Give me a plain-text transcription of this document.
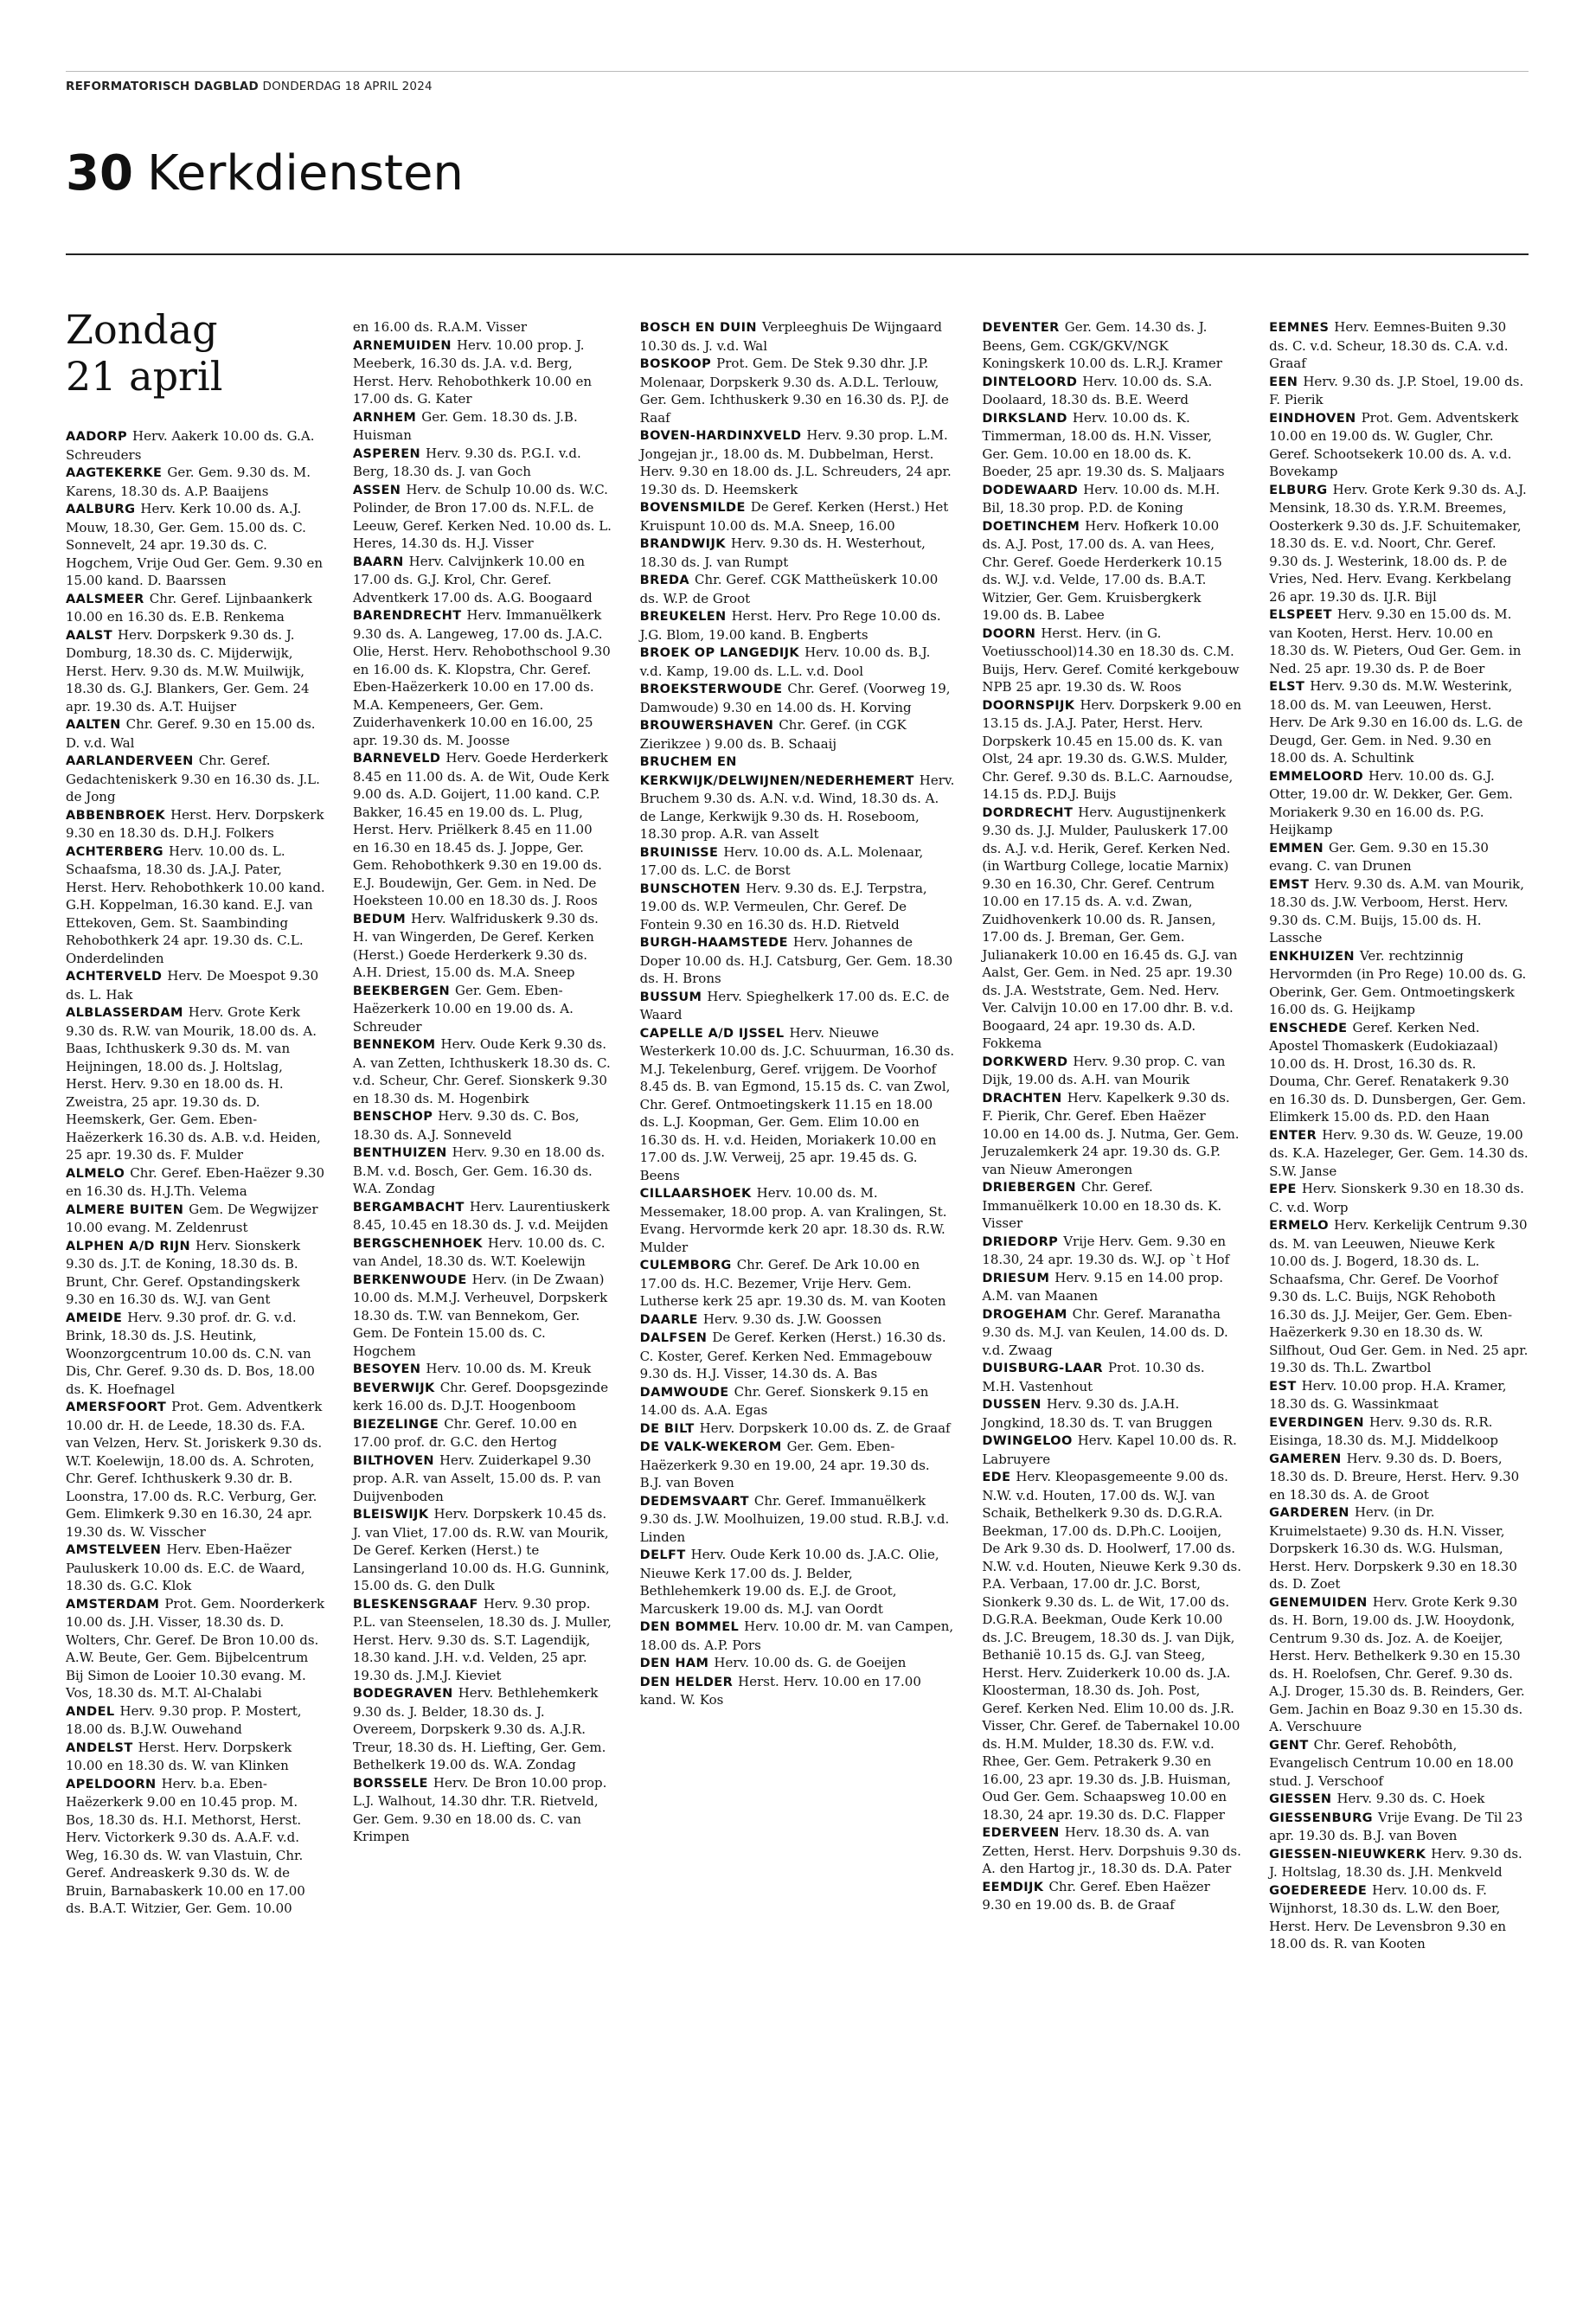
REFORMATORISCH DAGBLAD DONDERDAG 18 APRIL 2024
30 Kerkdiensten
Zondag
21 april

AADORP Herv. Aakerk 10.00 ds. G.A. Schreuders

AAGTEKERKE Ger. Gem. 9.30 ds. M. Karens, 18.30 ds. A.P. Baaijens

AALBURG Herv. Kerk 10.00 ds. A.J. Mouw, 18.30, Ger. Gem. 15.00 ds. C. Sonnevelt, 24 apr. 19.30 ds. C. Hogchem, Vrije Oud Ger. Gem. 9.30 en 15.00 kand. D. Baarssen

AALSMEER Chr. Geref. Lijnbaankerk 10.00 en 16.30 ds. E.B. Renkema

AALST Herv. Dorpskerk 9.30 ds. J. Domburg, 18.30 ds. C. Mijderwijk, Herst. Herv. 9.30 ds. M.W. Muilwijk, 18.30 ds. G.J. Blankers, Ger. Gem. 24 apr. 19.30 ds. A.T. Huijser

AALTEN Chr. Geref. 9.30 en 15.00 ds. D. v.d. Wal

AARLANDERVEEN Chr. Geref. Gedachteniskerk 9.30 en 16.30 ds. J.L. de Jong

ABBENBROEK Herst. Herv. Dorpskerk 9.30 en 18.30 ds. D.H.J. Folkers

ACHTERBERG Herv. 10.00 ds. L. Schaafsma, 18.30 ds. J.A.J. Pater, Herst. Herv. Rehobothkerk 10.00 kand. G.H. Koppelman, 16.30 kand. E.J. van Ettekoven, Gem. St. Saambinding Rehobothkerk 24 apr. 19.30 ds. C.L. Onderdelinden

ACHTERVELD Herv. De Moespot 9.30 ds. L. Hak

ALBLASSERDAM Herv. Grote Kerk 9.30 ds. R.W. van Mourik, 18.00 ds. A. Baas, Ichthuskerk 9.30 ds. M. van Heijningen, 18.00 ds. J. Holtslag, Herst. Herv. 9.30 en 18.00 ds. H. Zweistra, 25 apr. 19.30 ds. D. Heemskerk, Ger. Gem. Eben-Haëzerkerk 16.30 ds. A.B. v.d. Heiden, 25 apr. 19.30 ds. F. Mulder

ALMELO Chr. Geref. Eben-Haëzer 9.30 en 16.30 ds. H.J.Th. Velema

ALMERE BUITEN Gem. De Wegwijzer 10.00 evang. M. Zeldenrust

ALPHEN A/D RIJN Herv. Sionskerk 9.30 ds. J.T. de Koning, 18.30 ds. B. Brunt, Chr. Geref. Opstandingskerk 9.30 en 16.30 ds. W.J. van Gent

AMEIDE Herv. 9.30 prof. dr. G. v.d. Brink, 18.30 ds. J.S. Heutink, Woonzorgcentrum 10.00 ds. C.N. van Dis, Chr. Geref. 9.30 ds. D. Bos, 18.00 ds. K. Hoefnagel

AMERSFOORT Prot. Gem. Adventkerk 10.00 dr. H. de Leede, 18.30 ds. F.A. van Velzen, Herv. St. Joriskerk 9.30 ds. W.T. Koelewijn, 18.00 ds. A. Schroten, Chr. Geref. Ichthuskerk 9.30 dr. B. Loonstra, 17.00 ds. R.C. Verburg, Ger. Gem. Elimkerk 9.30 en 16.30, 24 apr. 19.30 ds. W. Visscher

AMSTELVEEN Herv. Eben-Haëzer Pauluskerk 10.00 ds. E.C. de Waard, 18.30 ds. G.C. Klok

AMSTERDAM Prot. Gem. Noorderkerk 10.00 ds. J.H. Visser, 18.30 ds. D. Wolters, Chr. Geref. De Bron 10.00 ds. A.W. Beute, Ger. Gem. Bijbelcentrum Bij Simon de Looier 10.30 evang. M. Vos, 18.30 ds. M.T. Al-Chalabi

ANDEL Herv. 9.30 prop. P. Mostert, 18.00 ds. B.J.W. Ouwehand

ANDELST Herst. Herv. Dorpskerk 10.00 en 18.30 ds. W. van Klinken

APELDOORN Herv. b.a. Eben-Haëzerkerk 9.00 en 10.45 prop. M. Bos, 18.30 ds. H.I. Methorst, Herst. Herv. Victorkerk 9.30 ds. A.A.F. v.d. Weg, 16.30 ds. W. van Vlastuin, Chr. Geref. Andreaskerk 9.30 ds. W. de Bruin, Barnabaskerk 10.00 en 17.00 ds. B.A.T. Witzier, Ger. Gem. 10.00

en 16.00 ds. R.A.M. Visser

ARNEMUIDEN Herv. 10.00 prop. J. Meeberk, 16.30 ds. J.A. v.d. Berg, Herst. Herv. Rehobothkerk 10.00 en 17.00 ds. G. Kater

ARNHEM Ger. Gem. 18.30 ds. J.B. Huisman

ASPEREN Herv. 9.30 ds. P.G.I. v.d. Berg, 18.30 ds. J. van Goch

ASSEN Herv. de Schulp 10.00 ds. W.C. Polinder, de Bron 17.00 ds. N.F.L. de Leeuw, Geref. Kerken Ned. 10.00 ds. L. Heres, 14.30 ds. H.J. Visser

BAARN Herv. Calvijnkerk 10.00 en 17.00 ds. G.J. Krol, Chr. Geref. Adventkerk 17.00 ds. A.G. Boogaard

BARENDRECHT Herv. Immanuëlkerk 9.30 ds. A. Langeweg, 17.00 ds. J.A.C. Olie, Herst. Herv. Rehobothschool 9.30 en 16.00 ds. K. Klopstra, Chr. Geref. Eben-Haëzerkerk 10.00 en 17.00 ds. M.A. Kempeneers, Ger. Gem. Zuiderhavenkerk 10.00 en 16.00, 25 apr. 19.30 ds. M. Joosse

BARNEVELD Herv. Goede Herderkerk 8.45 en 11.00 ds. A. de Wit, Oude Kerk 9.00 ds. A.D. Goijert, 11.00 kand. C.P. Bakker, 16.45 en 19.00 ds. L. Plug, Herst. Herv. Priëlkerk 8.45 en 11.00 en 16.30 en 18.45 ds. J. Joppe, Ger. Gem. Rehobothkerk 9.30 en 19.00 ds. E.J. Boudewijn, Ger. Gem. in Ned. De Hoeksteen 10.00 en 18.30 ds. J. Roos

BEDUM Herv. Walfriduskerk 9.30 ds. H. van Wingerden, De Geref. Kerken (Herst.) Goede Herderkerk 9.30 ds. A.H. Driest, 15.00 ds. M.A. Sneep

BEEKBERGEN Ger. Gem. Eben-Haëzerkerk 10.00 en 19.00 ds. A. Schreuder

BENNEKOM Herv. Oude Kerk 9.30 ds. A. van Zetten, Ichthuskerk 18.30 ds. C. v.d. Scheur, Chr. Geref. Sionskerk 9.30 en 18.30 ds. M. Hogenbirk

BENSCHOP Herv. 9.30 ds. C. Bos, 18.30 ds. A.J. Sonneveld

BENTHUIZEN Herv. 9.30 en 18.00 ds. B.M. v.d. Bosch, Ger. Gem. 16.30 ds. W.A. Zondag

BERGAMBACHT Herv. Laurentiuskerk 8.45, 10.45 en 18.30 ds. J. v.d. Meijden

BERGSCHENHOEK Herv. 10.00 ds. C. van Andel, 18.30 ds. W.T. Koelewijn

BERKENWOUDE Herv. (in De Zwaan) 10.00 ds. M.M.J. Verheuvel, Dorpskerk 18.30 ds. T.W. van Bennekom, Ger. Gem. De Fontein 15.00 ds. C. Hogchem

BESOYEN Herv. 10.00 ds. M. Kreuk

BEVERWIJK Chr. Geref. Doopsgezinde kerk 16.00 ds. D.J.T. Hoogenboom

BIEZELINGE Chr. Geref. 10.00 en 17.00 prof. dr. G.C. den Hertog

BILTHOVEN Herv. Zuiderkapel 9.30 prop. A.R. van Asselt, 15.00 ds. P. van Duijvenboden

BLEISWIJK Herv. Dorpskerk 10.45 ds. J. van Vliet, 17.00 ds. R.W. van Mourik, De Geref. Kerken (Herst.) te Lansingerland 10.00 ds. H.G. Gunnink, 15.00 ds. G. den Dulk

BLESKENSGRAAF Herv. 9.30 prop. P.L. van Steenselen, 18.30 ds. J. Muller, Herst. Herv. 9.30 ds. S.T. Lagendijk, 18.30 kand. J.H. v.d. Velden, 25 apr. 19.30 ds. J.M.J. Kieviet

BODEGRAVEN Herv. Bethlehemkerk 9.30 ds. J. Belder, 18.30 ds. J. Overeem, Dorpskerk 9.30 ds. A.J.R. Treur, 18.30 ds. H. Liefting, Ger. Gem. Bethelkerk 19.00 ds. W.A. Zondag

BORSSELE Herv. De Bron 10.00 prop. L.J. Walhout, 14.30 dhr. T.R. Rietveld, Ger. Gem. 9.30 en 18.00 ds. C. van Krimpen

BOSCH EN DUIN Verpleeghuis De Wijngaard 10.30 ds. J. v.d. Wal

BOSKOOP Prot. Gem. De Stek 9.30 dhr. J.P. Molenaar, Dorpskerk 9.30 ds. A.D.L. Terlouw, Ger. Gem. Ichthuskerk 9.30 en 16.30 ds. P.J. de Raaf

BOVEN-HARDINXVELD Herv. 9.30 prop. L.M. Jongejan jr., 18.00 ds. M. Dubbelman, Herst. Herv. 9.30 en 18.00 ds. J.L. Schreuders, 24 apr. 19.30 ds. D. Heemskerk

BOVENSMILDE De Geref. Kerken (Herst.) Het Kruispunt 10.00 ds. M.A. Sneep, 16.00

BRANDWIJK Herv. 9.30 ds. H. Westerhout, 18.30 ds. J. van Rumpt

BREDA Chr. Geref. CGK Mattheüskerk 10.00 ds. W.P. de Groot

BREUKELEN Herst. Herv. Pro Rege 10.00 ds. J.G. Blom, 19.00 kand. B. Engberts

BROEK OP LANGEDIJK Herv. 10.00 ds. B.J. v.d. Kamp, 19.00 ds. L.L. v.d. Dool

BROEKSTERWOUDE Chr. Geref. (Voorweg 19, Damwoude) 9.30 en 14.00 ds. H. Korving

BROUWERSHAVEN Chr. Geref. (in CGK Zierikzee ) 9.00 ds. B. Schaaij

BRUCHEM EN KERKWIJK/DELWIJNEN/NEDERHEMERT Herv. Bruchem 9.30 ds. A.N. v.d. Wind, 18.30 ds. A. de Lange, Kerkwijk 9.30 ds. H. Roseboom, 18.30 prop. A.R. van Asselt

BRUINISSE Herv. 10.00 ds. A.L. Molenaar, 17.00 ds. L.C. de Borst

BUNSCHOTEN Herv. 9.30 ds. E.J. Terpstra, 19.00 ds. W.P. Vermeulen, Chr. Geref. De Fontein 9.30 en 16.30 ds. H.D. Rietveld

BURGH-HAAMSTEDE Herv. Johannes de Doper 10.00 ds. H.J. Catsburg, Ger. Gem. 18.30 ds. H. Brons

BUSSUM Herv. Spieghelkerk 17.00 ds. E.C. de Waard

CAPELLE A/D IJSSEL Herv. Nieuwe Westerkerk 10.00 ds. J.C. Schuurman, 16.30 ds. M.J. Tekelenburg, Geref. vrijgem. De Voorhof 8.45 ds. B. van Egmond, 15.15 ds. C. van Zwol, Chr. Geref. Ontmoetingskerk 11.15 en 18.00 ds. L.J. Koopman, Ger. Gem. Elim 10.00 en 16.30 ds. H. v.d. Heiden, Moriakerk 10.00 en 17.00 ds. J.W. Verweij, 25 apr. 19.45 ds. G. Beens

CILLAARSHOEK Herv. 10.00 ds. M. Messemaker, 18.00 prop. A. van Kralingen, St. Evang. Hervormde kerk 20 apr. 18.30 ds. R.W. Mulder

CULEMBORG Chr. Geref. De Ark 10.00 en 17.00 ds. H.C. Bezemer, Vrije Herv. Gem. Lutherse kerk 25 apr. 19.30 ds. M. van Kooten

DAARLE Herv. 9.30 ds. J.W. Goossen

DALFSEN De Geref. Kerken (Herst.) 16.30 ds. C. Koster, Geref. Kerken Ned. Emmagebouw 9.30 ds. H.J. Visser, 14.30 ds. A. Bas

DAMWOUDE Chr. Geref. Sionskerk 9.15 en 14.00 ds. A.A. Egas

DE BILT Herv. Dorpskerk 10.00 ds. Z. de Graaf

DE VALK-WEKEROM Ger. Gem. Eben-Haëzerkerk 9.30 en 19.00, 24 apr. 19.30 ds. B.J. van Boven

DEDEMSVAART Chr. Geref. Immanuëlkerk 9.30 ds. J.W. Moolhuizen, 19.00 stud. R.B.J. v.d. Linden

DELFT Herv. Oude Kerk 10.00 ds. J.A.C. Olie, Nieuwe Kerk 17.00 ds. J. Belder, Bethlehemkerk 19.00 ds. E.J. de Groot, Marcuskerk 19.00 ds. M.J. van Oordt

DEN BOMMEL Herv. 10.00 dr. M. van Campen, 18.00 ds. A.P. Pors

DEN HAM Herv. 10.00 ds. G. de Goeijen

DEN HELDER Herst. Herv. 10.00 en 17.00 kand. W. Kos

DEVENTER Ger. Gem. 14.30 ds. J. Beens, Gem. CGK/GKV/NGK Koningskerk 10.00 ds. L.R.J. Kramer

DINTELOORD Herv. 10.00 ds. S.A. Doolaard, 18.30 ds. B.E. Weerd

DIRKSLAND Herv. 10.00 ds. K. Timmerman, 18.00 ds. H.N. Visser, Ger. Gem. 10.00 en 18.00 ds. K. Boeder, 25 apr. 19.30 ds. S. Maljaars

DODEWAARD Herv. 10.00 ds. M.H. Bil, 18.30 prop. P.D. de Koning

DOETINCHEM Herv. Hofkerk 10.00 ds. A.J. Post, 17.00 ds. A. van Hees, Chr. Geref. Goede Herderkerk 10.15 ds. W.J. v.d. Velde, 17.00 ds. B.A.T. Witzier, Ger. Gem. Kruisbergkerk 19.00 ds. B. Labee

DOORN Herst. Herv. (in G. Voetiusschool)14.30 en 18.30 ds. C.M. Buijs, Herv. Geref. Comité kerkgebouw NPB 25 apr. 19.30 ds. W. Roos

DOORNSPIJK Herv. Dorpskerk 9.00 en 13.15 ds. J.A.J. Pater, Herst. Herv. Dorpskerk 10.45 en 15.00 ds. K. van Olst, 24 apr. 19.30 ds. G.W.S. Mulder, Chr. Geref. 9.30 ds. B.L.C. Aarnoudse, 14.15 ds. P.D.J. Buijs

DORDRECHT Herv. Augustijnenkerk 9.30 ds. J.J. Mulder, Pauluskerk 17.00 ds. A.J. v.d. Herik, Geref. Kerken Ned. (in Wartburg College, locatie Marnix) 9.30 en 16.30, Chr. Geref. Centrum 10.00 en 17.15 ds. A. v.d. Zwan, Zuidhovenkerk 10.00 ds. R. Jansen, 17.00 ds. J. Breman, Ger. Gem. Julianakerk 10.00 en 16.45 ds. G.J. van Aalst, Ger. Gem. in Ned. 25 apr. 19.30 ds. J.A. Weststrate, Gem. Ned. Herv. Ver. Calvijn 10.00 en 17.00 dhr. B. v.d. Boogaard, 24 apr. 19.30 ds. A.D. Fokkema

DORKWERD Herv. 9.30 prop. C. van Dijk, 19.00 ds. A.H. van Mourik

DRACHTEN Herv. Kapelkerk 9.30 ds. F. Pierik, Chr. Geref. Eben Haëzer 10.00 en 14.00 ds. J. Nutma, Ger. Gem. Jeruzalemkerk 24 apr. 19.30 ds. G.P. van Nieuw Amerongen

DRIEBERGEN Chr. Geref. Immanuëlkerk 10.00 en 18.30 ds. K. Visser

DRIEDORP Vrije Herv. Gem. 9.30 en 18.30, 24 apr. 19.30 ds. W.J. op `t Hof

DRIESUM Herv. 9.15 en 14.00 prop. A.M. van Maanen

DROGEHAM Chr. Geref. Maranatha 9.30 ds. M.J. van Keulen, 14.00 ds. D. v.d. Zwaag

DUISBURG-LAAR Prot. 10.30 ds. M.H. Vastenhout

DUSSEN Herv. 9.30 ds. J.A.H. Jongkind, 18.30 ds. T. van Bruggen

DWINGELOO Herv. Kapel 10.00 ds. R. Labruyere

EDE Herv. Kleopasgemeente 9.00 ds. N.W. v.d. Houten, 17.00 ds. W.J. van Schaik, Bethelkerk 9.30 ds. D.G.R.A. Beekman, 17.00 ds. D.Ph.C. Looijen, De Ark 9.30 ds. D. Hoolwerf, 17.00 ds. N.W. v.d. Houten, Nieuwe Kerk 9.30 ds. P.A. Verbaan, 17.00 dr. J.C. Borst, Sionkerk 9.30 ds. L. de Wit, 17.00 ds. D.G.R.A. Beekman, Oude Kerk 10.00 ds. J.C. Breugem, 18.30 ds. J. van Dijk, Bethanië 10.15 ds. G.J. van Steeg, Herst. Herv. Zuiderkerk 10.00 ds. J.A. Kloosterman, 18.30 ds. Joh. Post, Geref. Kerken Ned. Elim 10.00 ds. J.R. Visser, Chr. Geref. de Tabernakel 10.00 ds. H.M. Mulder, 18.30 ds. F.W. v.d. Rhee, Ger. Gem. Petrakerk 9.30 en 16.00, 23 apr. 19.30 ds. J.B. Huisman, Oud Ger. Gem. Schaapsweg 10.00 en 18.30, 24 apr. 19.30 ds. D.C. Flapper

EDERVEEN Herv. 18.30 ds. A. van Zetten, Herst. Herv. Dorpshuis 9.30 ds. A. den Hartog jr., 18.30 ds. D.A. Pater

EEMDIJK Chr. Geref. Eben Haëzer 9.30 en 19.00 ds. B. de Graaf

EEMNES Herv. Eemnes-Buiten 9.30 ds. C. v.d. Scheur, 18.30 ds. C.A. v.d. Graaf

EEN Herv. 9.30 ds. J.P. Stoel, 19.00 ds. F. Pierik

EINDHOVEN Prot. Gem. Adventskerk 10.00 en 19.00 ds. W. Gugler, Chr. Geref. Schootsekerk 10.00 ds. A. v.d. Bovekamp

ELBURG Herv. Grote Kerk 9.30 ds. A.J. Mensink, 18.30 ds. Y.R.M. Breemes, Oosterkerk 9.30 ds. J.F. Schuitemaker, 18.30 ds. E. v.d. Noort, Chr. Geref. 9.30 ds. J. Westerink, 18.00 ds. P. de Vries, Ned. Herv. Evang. Kerkbelang 26 apr. 19.30 ds. IJ.R. Bijl

ELSPEET Herv. 9.30 en 15.00 ds. M. van Kooten, Herst. Herv. 10.00 en 18.30 ds. W. Pieters, Oud Ger. Gem. in Ned. 25 apr. 19.30 ds. P. de Boer

ELST Herv. 9.30 ds. M.W. Westerink, 18.00 ds. M. van Leeuwen, Herst. Herv. De Ark 9.30 en 16.00 ds. L.G. de Deugd, Ger. Gem. in Ned. 9.30 en 18.00 ds. A. Schultink

EMMELOORD Herv. 10.00 ds. G.J. Otter, 19.00 dr. W. Dekker, Ger. Gem. Moriakerk 9.30 en 16.00 ds. P.G. Heijkamp

EMMEN Ger. Gem. 9.30 en 15.30 evang. C. van Drunen

EMST Herv. 9.30 ds. A.M. van Mourik, 18.30 ds. J.W. Verboom, Herst. Herv. 9.30 ds. C.M. Buijs, 15.00 ds. H. Lassche

ENKHUIZEN Ver. rechtzinnig Hervormden (in Pro Rege) 10.00 ds. G. Oberink, Ger. Gem. Ontmoetingskerk 16.00 ds. G. Heijkamp

ENSCHEDE Geref. Kerken Ned. Apostel Thomaskerk (Eudokiazaal) 10.00 ds. H. Drost, 16.30 ds. R. Douma, Chr. Geref. Renatakerk 9.30 en 16.30 ds. D. Dunsbergen, Ger. Gem. Elimkerk 15.00 ds. P.D. den Haan

ENTER Herv. 9.30 ds. W. Geuze, 19.00 ds. K.A. Hazeleger, Ger. Gem. 14.30 ds. S.W. Janse

EPE Herv. Sionskerk 9.30 en 18.30 ds. C. v.d. Worp

ERMELO Herv. Kerkelijk Centrum 9.30 ds. M. van Leeuwen, Nieuwe Kerk 10.00 ds. J. Bogerd, 18.30 ds. L. Schaafsma, Chr. Geref. De Voorhof 9.30 ds. L.C. Buijs, NGK Rehoboth 16.30 ds. J.J. Meijer, Ger. Gem. Eben-Haëzerkerk 9.30 en 18.30 ds. W. Silfhout, Oud Ger. Gem. in Ned. 25 apr. 19.30 ds. Th.L. Zwartbol

EST Herv. 10.00 prop. H.A. Kramer, 18.30 ds. G. Wassinkmaat

EVERDINGEN Herv. 9.30 ds. R.R. Eisinga, 18.30 ds. M.J. Middelkoop

GAMEREN Herv. 9.30 ds. D. Boers, 18.30 ds. D. Breure, Herst. Herv. 9.30 en 18.30 ds. A. de Groot

GARDEREN Herv. (in Dr. Kruimelstaete) 9.30 ds. H.N. Visser, Dorpskerk 16.30 ds. W.G. Hulsman, Herst. Herv. Dorpskerk 9.30 en 18.30 ds. D. Zoet

GENEMUIDEN Herv. Grote Kerk 9.30 ds. H. Born, 19.00 ds. J.W. Hooydonk, Centrum 9.30 ds. Joz. A. de Koeijer, Herst. Herv. Bethelkerk 9.30 en 15.30 ds. H. Roelofsen, Chr. Geref. 9.30 ds. A.J. Droger, 15.30 ds. B. Reinders, Ger. Gem. Jachin en Boaz 9.30 en 15.30 ds. A. Verschuure

GENT Chr. Geref. Rehobôth, Evangelisch Centrum 10.00 en 18.00 stud. J. Verschoof

GIESSEN Herv. 9.30 ds. C. Hoek

GIESSENBURG Vrije Evang. De Til 23 apr. 19.30 ds. B.J. van Boven

GIESSEN-NIEUWKERK Herv. 9.30 ds. J. Holtslag, 18.30 ds. J.H. Menkveld

GOEDEREEDE Herv. 10.00 ds. F. Wijnhorst, 18.30 ds. L.W. den Boer, Herst. Herv. De Levensbron 9.30 en 18.00 ds. R. van Kooten
